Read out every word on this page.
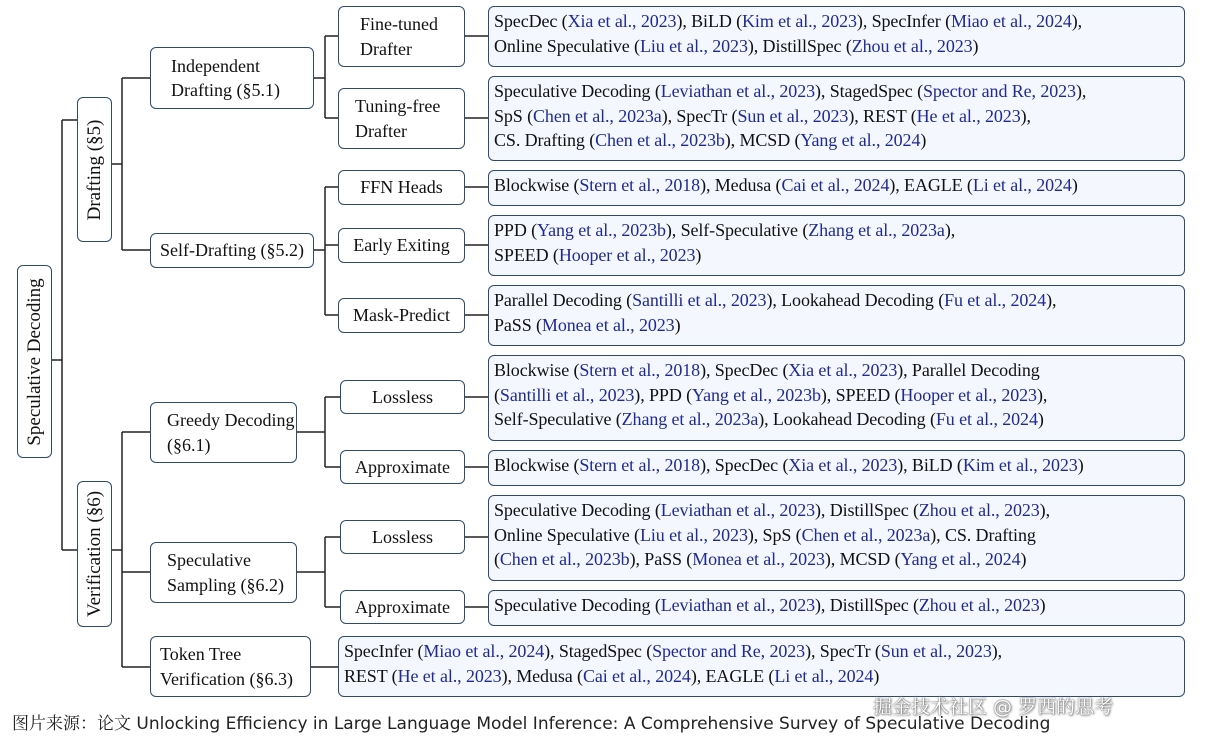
Speculative Decoding
Drafting (§5)
Verification (§6)
Independent Drafting (§5.1)
Self-Drafting (§5.2)
Greedy Decoding (§6.1)
Speculative Sampling (§6.2)
Token Tree Verification (§6.3)
Fine-tuned Drafter
Tuning-free Drafter
FFN Heads
Early Exiting
Mask-Predict
Lossless
Approximate
Lossless
Approximate
SpecDec (Xia et al., 2023), BiLD (Kim et al., 2023), SpecInfer (Miao et al., 2024),
Online Speculative (Liu et al., 2023), DistillSpec (Zhou et al., 2023)
Speculative Decoding (Leviathan et al., 2023), StagedSpec (Spector and Re, 2023),
SpS (Chen et al., 2023a), SpecTr (Sun et al., 2023), REST (He et al., 2023),
CS. Drafting (Chen et al., 2023b), MCSD (Yang et al., 2024)
Blockwise (Stern et al., 2018), Medusa (Cai et al., 2024), EAGLE (Li et al., 2024)
PPD (Yang et al., 2023b), Self-Speculative (Zhang et al., 2023a),
SPEED (Hooper et al., 2023)
Parallel Decoding (Santilli et al., 2023), Lookahead Decoding (Fu et al., 2024),
PaSS (Monea et al., 2023)
Blockwise (Stern et al., 2018), SpecDec (Xia et al., 2023), Parallel Decoding
(Santilli et al., 2023), PPD (Yang et al., 2023b), SPEED (Hooper et al., 2023),
Self-Speculative (Zhang et al., 2023a), Lookahead Decoding (Fu et al., 2024)
Blockwise (Stern et al., 2018), SpecDec (Xia et al., 2023), BiLD (Kim et al., 2023)
Speculative Decoding (Leviathan et al., 2023), DistillSpec (Zhou et al., 2023),
Online Speculative (Liu et al., 2023), SpS (Chen et al., 2023a), CS. Drafting
(Chen et al., 2023b), PaSS (Monea et al., 2023), MCSD (Yang et al., 2024)
Speculative Decoding (Leviathan et al., 2023), DistillSpec (Zhou et al., 2023)
SpecInfer (Miao et al., 2024), StagedSpec (Spector and Re, 2023), SpecTr (Sun et al., 2023),
REST (He et al., 2023), Medusa (Cai et al., 2024), EAGLE (Li et al., 2024)
掘金技术社区 @ 罗西的思考
图片来源：论文 Unlocking Efficiency in Large Language Model Inference: A Comprehensive Survey of Speculative Decoding
